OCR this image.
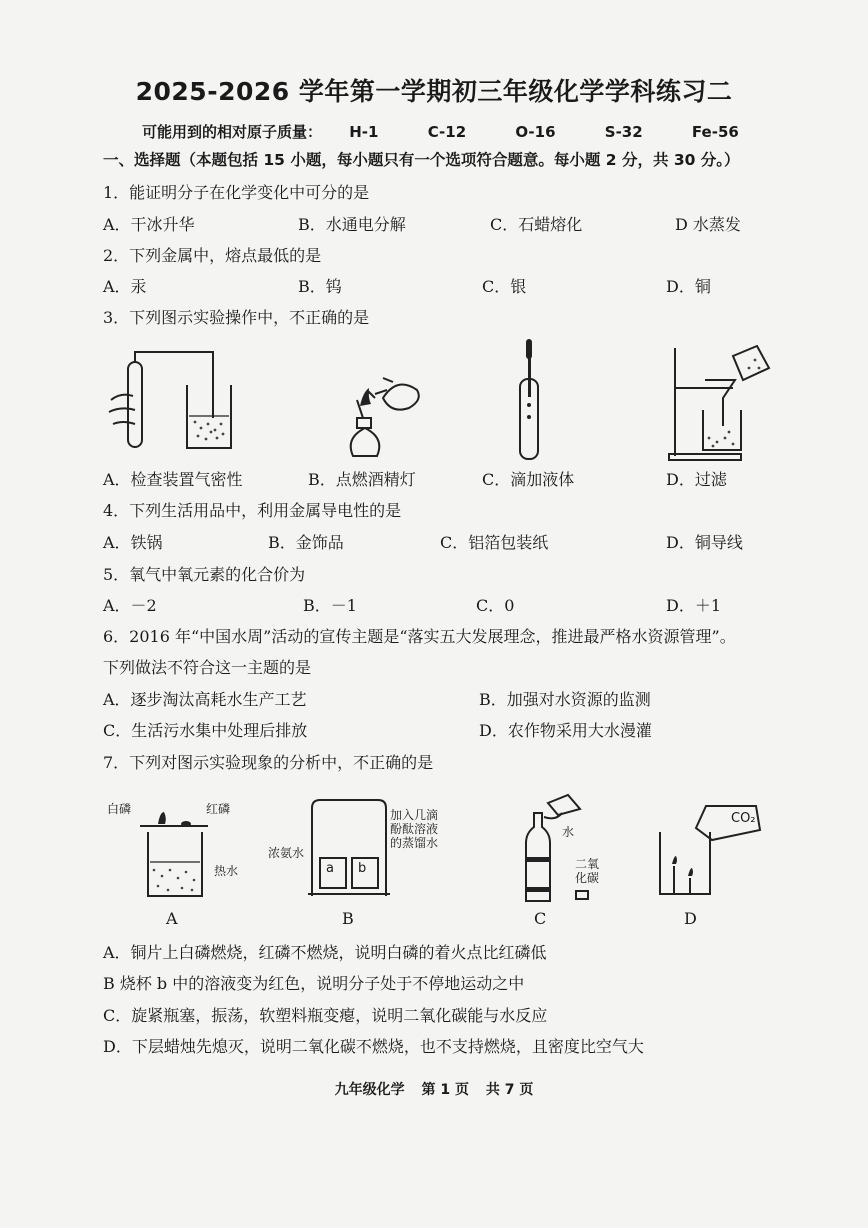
2025-2026 学年第一学期初三年级化学学科练习二
可能用到的相对原子质量： H-1	C-12	O-16	S-32	Fe-56
一、选择题（本题包括 15 小题，每小题只有一个选项符合题意。每小题 2 分，共 30 分。）
1．能证明分子在化学变化中可分的是
A．干冰升华	B．水通电分解	C．石蜡熔化	D 水蒸发
2．下列金属中，熔点最低的是
A．汞	B．钨	C．银	D．铜
3．下列图示实验操作中，不正确的是
A．检查装置气密性	B．点燃酒精灯	C．滴加液体	D．过滤
4．下列生活用品中，利用金属导电性的是
A．铁锅	B．金饰品	C．铝箔包装纸	D．铜导线
5．氧气中氧元素的化合价为
A．－2	B．－1	C．0	D．＋1
6．2016 年“中国水周”活动的宣传主题是“落实五大发展理念，推进最严格水资源管理”。
下列做法不符合这一主题的是
A．逐步淘汰高耗水生产工艺	B．加强对水资源的监测
C．生活污水集中处理后排放	D．农作物采用大水漫灌
7．下列对图示实验现象的分析中，不正确的是
白磷	红磷
热水	a b
浓氨水
加入几滴酚酞溶液的蒸馏水
水
二氧化碳
CO₂
A	B	C	D
A．铜片上白磷燃烧，红磷不燃烧，说明白磷的着火点比红磷低
B 烧杯 b 中的溶液变为红色，说明分子处于不停地运动之中
C．旋紧瓶塞，振荡，软塑料瓶变瘪，说明二氧化碳能与水反应
D．下层蜡烛先熄灭，说明二氧化碳不燃烧，也不支持燃烧，且密度比空气大
九年级化学 第 1 页 共 7 页
